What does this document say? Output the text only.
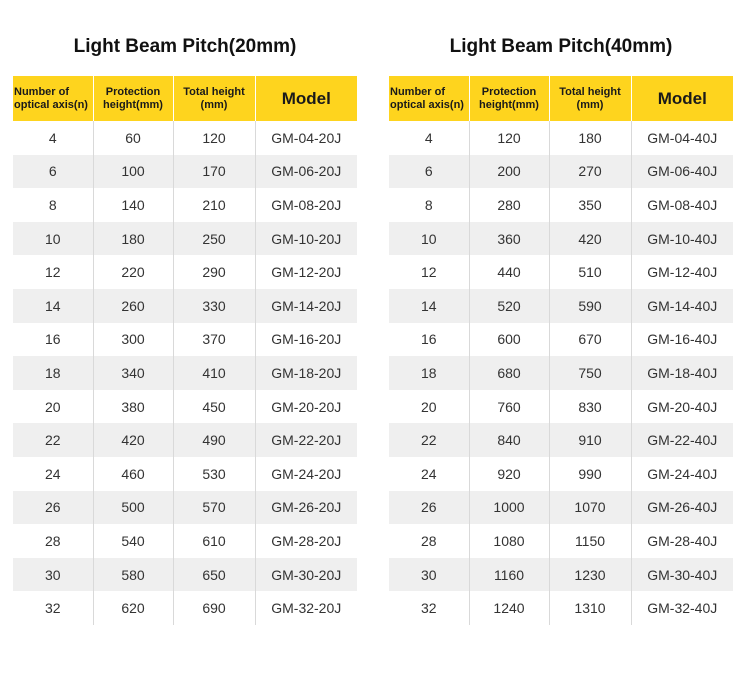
Light Beam Pitch(20mm)
Number of optical axis(n)	Protection height(mm)	Total height (mm)	Model
4	60	120	GM-04-20J
6	100	170	GM-06-20J
8	140	210	GM-08-20J
10	180	250	GM-10-20J
12	220	290	GM-12-20J
14	260	330	GM-14-20J
16	300	370	GM-16-20J
18	340	410	GM-18-20J
20	380	450	GM-20-20J
22	420	490	GM-22-20J
24	460	530	GM-24-20J
26	500	570	GM-26-20J
28	540	610	GM-28-20J
30	580	650	GM-30-20J
32	620	690	GM-32-20J
Light Beam Pitch(40mm)
Number of optical axis(n)	Protection height(mm)	Total height (mm)	Model
4	120	180	GM-04-40J
6	200	270	GM-06-40J
8	280	350	GM-08-40J
10	360	420	GM-10-40J
12	440	510	GM-12-40J
14	520	590	GM-14-40J
16	600	670	GM-16-40J
18	680	750	GM-18-40J
20	760	830	GM-20-40J
22	840	910	GM-22-40J
24	920	990	GM-24-40J
26	1000	1070	GM-26-40J
28	1080	1150	GM-28-40J
30	1160	1230	GM-30-40J
32	1240	1310	GM-32-40J
